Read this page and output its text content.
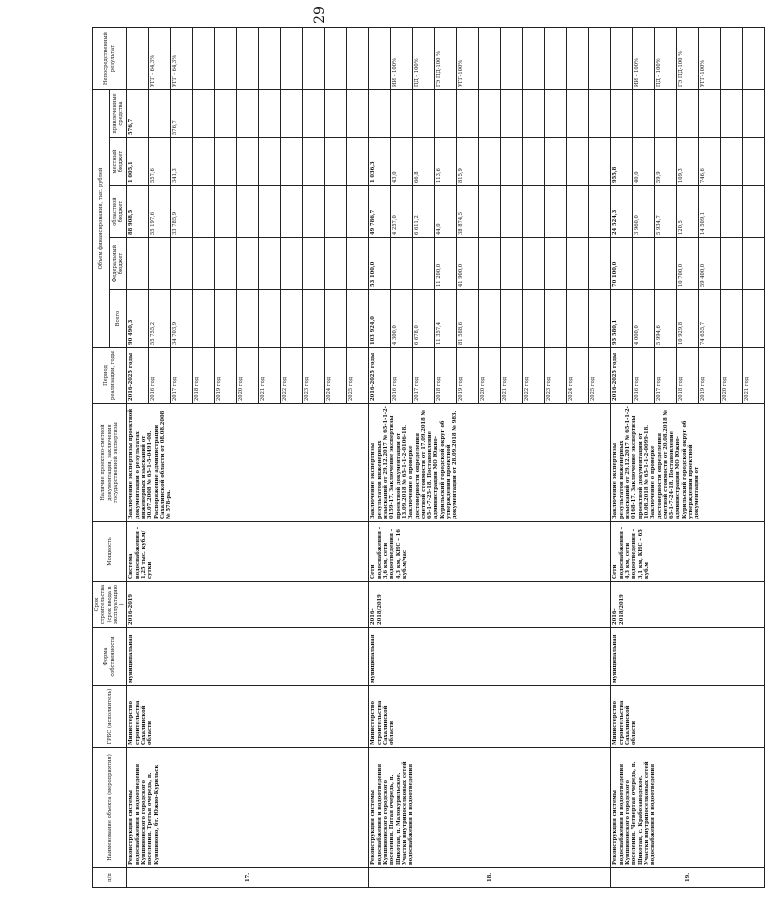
29
п/п	Наименование объекта (мероприятия)	ГРБС (исполнитель)	Форма собственности	Срок строительства (срок ввода в эксплуатацию)	Мощность	Наличие проектно-сметной документации, заключения государственной экспертизы	Период реализации, годы	Объем финансирования, тыс. рублей					Непосредственный результат
								Всего	Федеральный бюджет	областной бюджет	местный бюджет	привлеченные средства	
17.	Реконструкция системы водоснабжения и водоотведения Кувшиновского городского поселения. Третья очередь, п. Кувшиново, бт. Южно-Курильск	Министерство строительства Сахалинской области	муниципальная	2016-2019	Система водоснабжения – 1,25 тыс. куб.м/сутки	Заключение экспертизы проектной документации о результатах инженерных изысканий от 30.07.2008 № 65-1-5-0491-08. Распоряжение администрации Сахалинской области от 08.08.2008 № 578-ра.	2016-2025 годы	90 490,3		88 908,5	1 005,1	576,7	
							2016 год	55 755,2		55 197,6	557,6		УГГ - 64,3%
							2017 год	34 703,9		33 785,9	341,3	576,7	УГГ - 64,3%
							2018 год						
							2019 год						
							2020 год						
							2021 год						
							2022 год						
							2023 год						
							2024 год						
							2025 год						
18.	Реконструкция системы водоснабжения и водоотведения Кувшиновского городского поселения. Пятая очередь, п. Шикотан, п. Малокурильское. Участки внутрипоселковых сетей водоснабжения и водоотведения	Министерство строительства Сахалинской области	муниципальная	2016-2018/2019	Сети водоснабжения – 3,6 км, сети водоотведения – 4,3 км, КНС – 16 куб.м/час	Заключение экспертизы результатов инженерных изысканий от 29.12.2017 № 65-1-1-2-0159-17. Заключение экспертизы проектной документации от 13.09.2018 № 65-1-1-2-0106-18. Заключение о проверке достоверности определения сметной стоимости от 17.09.2018 № 65-1-7-25-18. Постановление администрации МО Южно-Курильский городской округ об утверждении проектной документации от 28.09.2018 № 983.	2016-2025 годы	103 924,0	53 100,0	49 786,7	1 036,3		
							2016 год	4 300,0		4 257,0	43,0		ИИ - 100%
							2017 год	6 678,0		6 611,2	66,8		ПД - 100%
							2018 год	11 357,4	11 200,0	44,0	113,6		ГЭ ПД-100 %
							2019 год	81 588,6	41 900,0	38 874,5	815,9		УГГ-100%
							2020 год						
							2021 год						
							2022 год						
							2023 год						
							2024 год						
							2025 год						
19.	Реконструкция системы водоснабжения и водоотведения Кувшиновского городского поселения. Четвертая очередь, п. Шикотан, с. Крабозаводское. Участки внутрипоселковых сетей водоснабжения и водоотведения	Министерство строительства Сахалинской области	муниципальная	2016-2018/2019	Сети водоснабжения – 4,3 км, сети водоотведения – 3,1 км, КНС – 65 куб.м	Заключение экспертизы результатов инженерных изысканий от 29.12.2017 № 65-1-1-2-0168-17. Заключение экспертизы проектной документации от 10.08.2018 № 65-1-1-2-0099-18. Заключение о проверке достоверности определения сметной стоимости от 20.08.2018 № 65-1-7-24-18. Постановление администрации МО Южно-Курильский городской округ об утверждении проектной документации от	2016-2025 годы	95 580,1	70 100,0	24 524,3	955,8		
							2016 год	4 000,0		3 960,0	40,0		ИИ - 100%
							2017 год	5 994,6		5 934,7	59,9		ПД - 100%
							2018 год	10 929,8	10 700,0	120,5	109,3		ГЭ ПД-100 %
							2019 год	74 655,7	59 400,0	14 509,1	746,6		УГГ-100%
							2020 год						
							2021 год						
